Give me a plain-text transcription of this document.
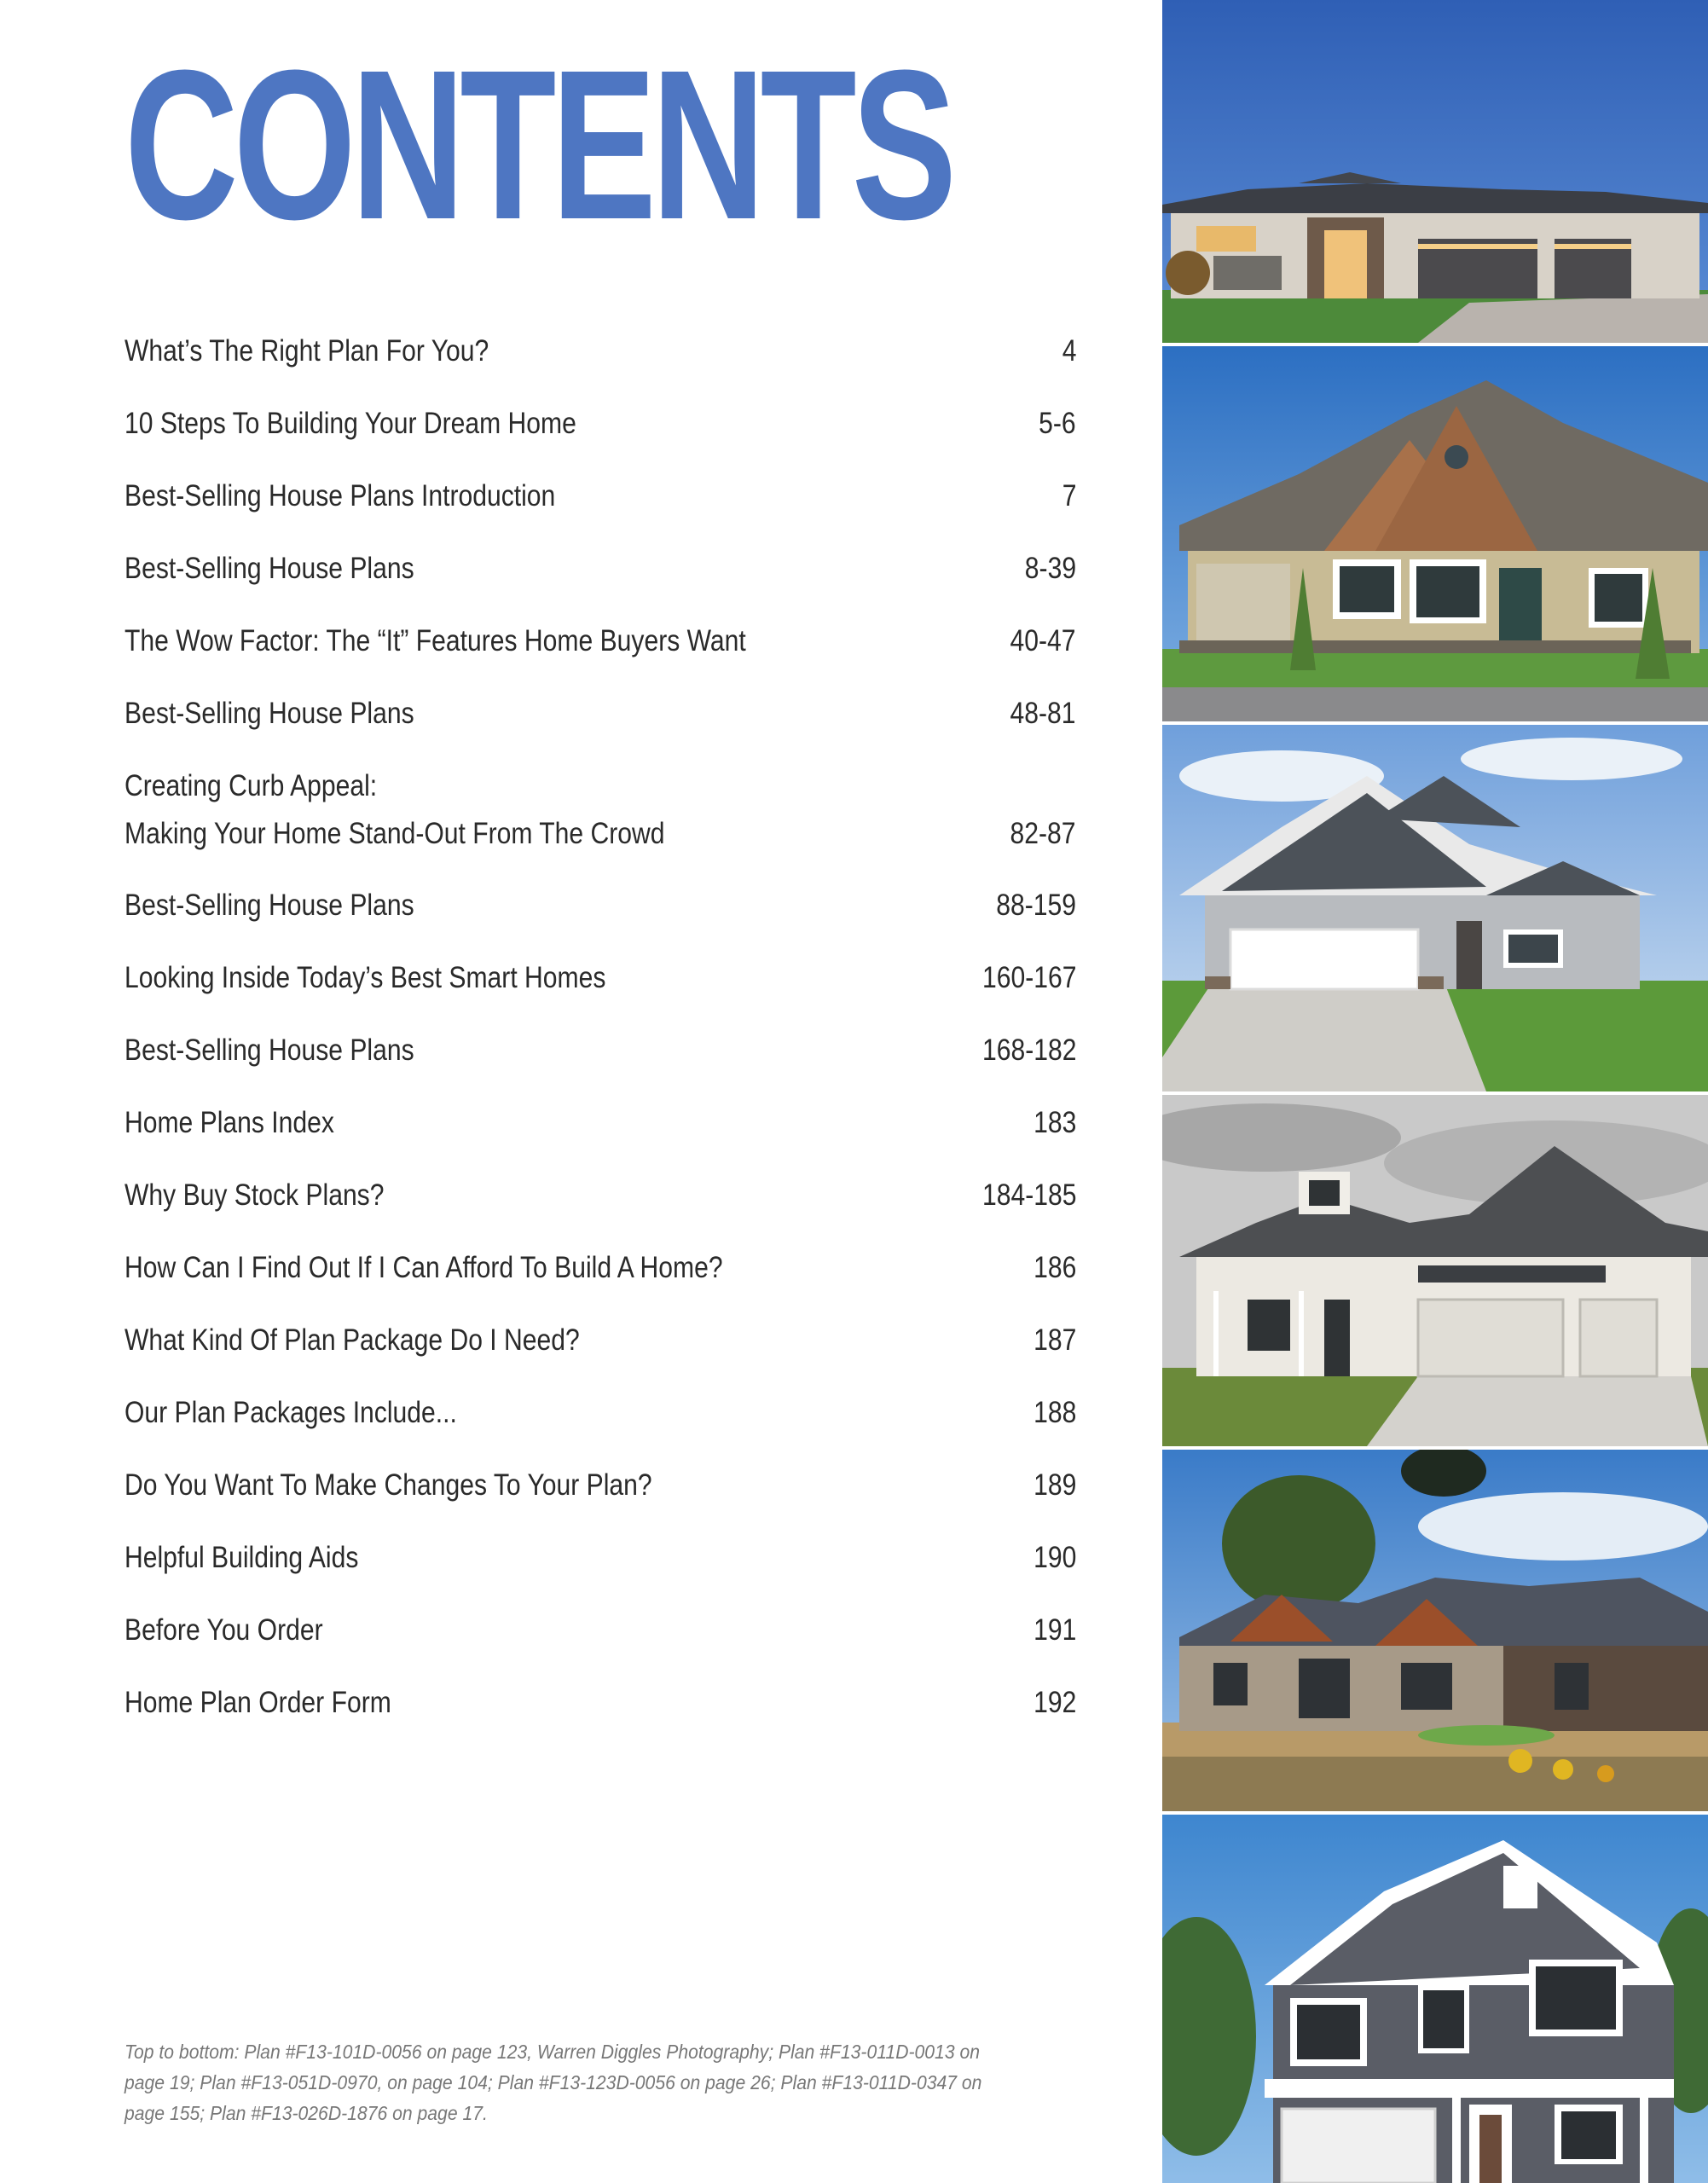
CONTENTS
What’s The Right Plan For You?	4
10 Steps To Building Your Dream Home	5-6
Best-Selling House Plans Introduction	7
Best-Selling House Plans	8-39
The Wow Factor: The “It” Features Home Buyers Want	40-47
Best-Selling House Plans	48-81
Creating Curb Appeal:
Making Your Home Stand-Out From The Crowd	82-87
Best-Selling House Plans	88-159
Looking Inside Today’s Best Smart Homes	160-167
Best-Selling House Plans	168-182
Home Plans Index	183
Why Buy Stock Plans?	184-185
How Can I Find Out If I Can Afford To Build A Home?	186
What Kind Of Plan Package Do I Need?	187
Our Plan Packages Include...	188
Do You Want To Make Changes To Your Plan?	189
Helpful Building Aids	190
Before You Order	191
Home Plan Order Form	192
Top to bottom: Plan #F13-101D-0056 on page 123, Warren Diggles Photography; Plan #F13-011D-0013 on page 19; Plan #F13-051D-0970, on page 104; Plan #F13-123D-0056 on page 26; Plan #F13-011D-0347 on page 155; Plan #F13-026D-1876 on page 17.
